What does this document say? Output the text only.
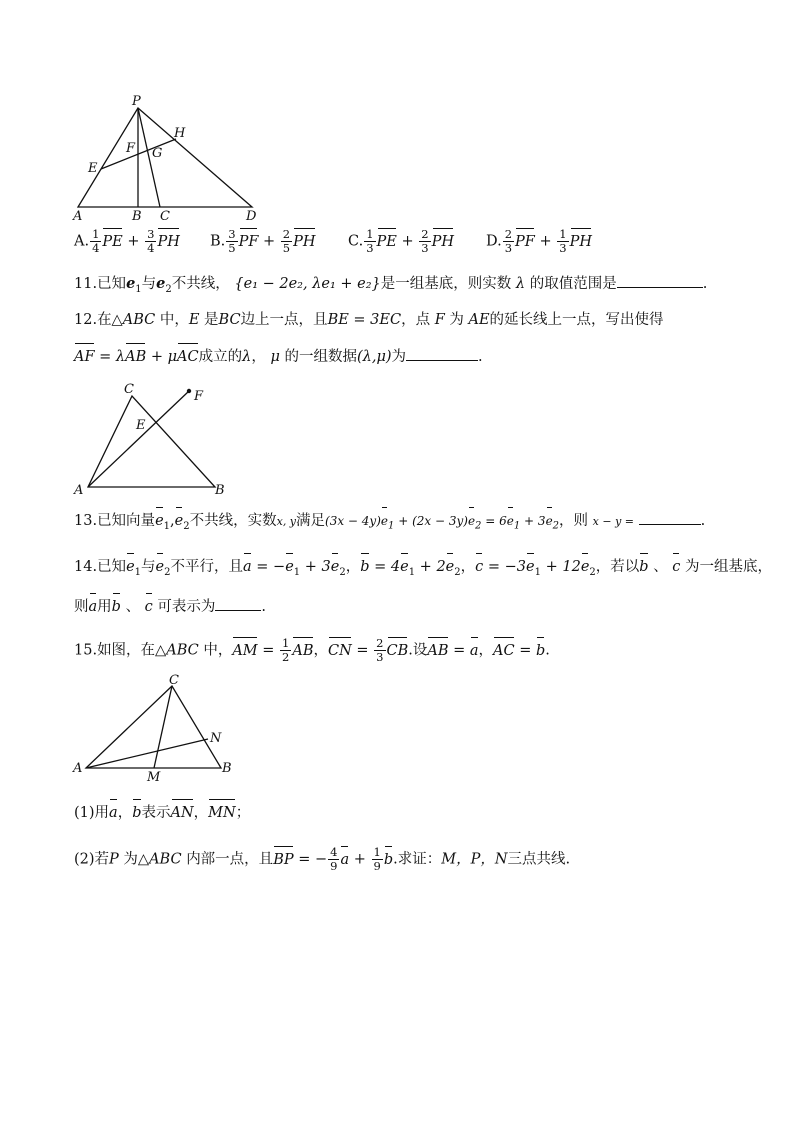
P
H
F G
E
A	B C	D
A. $\frac{1}{4}$ PE + $\frac{3}{4}$ PH B. $\frac{3}{5}$ PF + $\frac{2}{5}$ PH C. $\frac{1}{3}$ PE + $\frac{2}{3}$ PH D. $\frac{2}{3}$ PF + $\frac{1}{3}$ PH
11.已知$e_1$与$e_2$不共线， {e₁ − 2e₂, λe₁ + e₂}是一组基底，则实数 λ 的取值范围是	.
12.在△ABC 中，E 是BC边上一点，且BE = 3EC，点 F 为 AE的延长线上一点，写出使得
AF = λAB + μAC成立的λ， μ 的一组数据(λ,μ)为	.
C	F
E
A	B
13.已知向量$e_1,e_2$不共线，实数x, y满足$(3x - 4y)e_1 + (2x - 3y)e_2 = 6e_1 + 3e_2$，则 x − y =	.
14.已知$e_1$与$e_2$不平行，且$a = -e_1 + 3e_2$，$b = 4e_1 + 2e_2$，$c = -3e_1 + 12e_2$，若以b 、 c 为一组基底，
则a用b 、 c 可表示为	.
15.如图，在△ABC 中，AM = $\frac{1}{2}$ AB，CN = $\frac{2}{3}$ CB.设AB = a，AC = b.
C
N
A
M
B
(1)用a，b表示AN，MN；
(2)若P 为△ABC 内部一点，且BP = − $\frac{4}{9}$ $a + \frac{1}{9} b$.求证：M，P，N三点共线.
